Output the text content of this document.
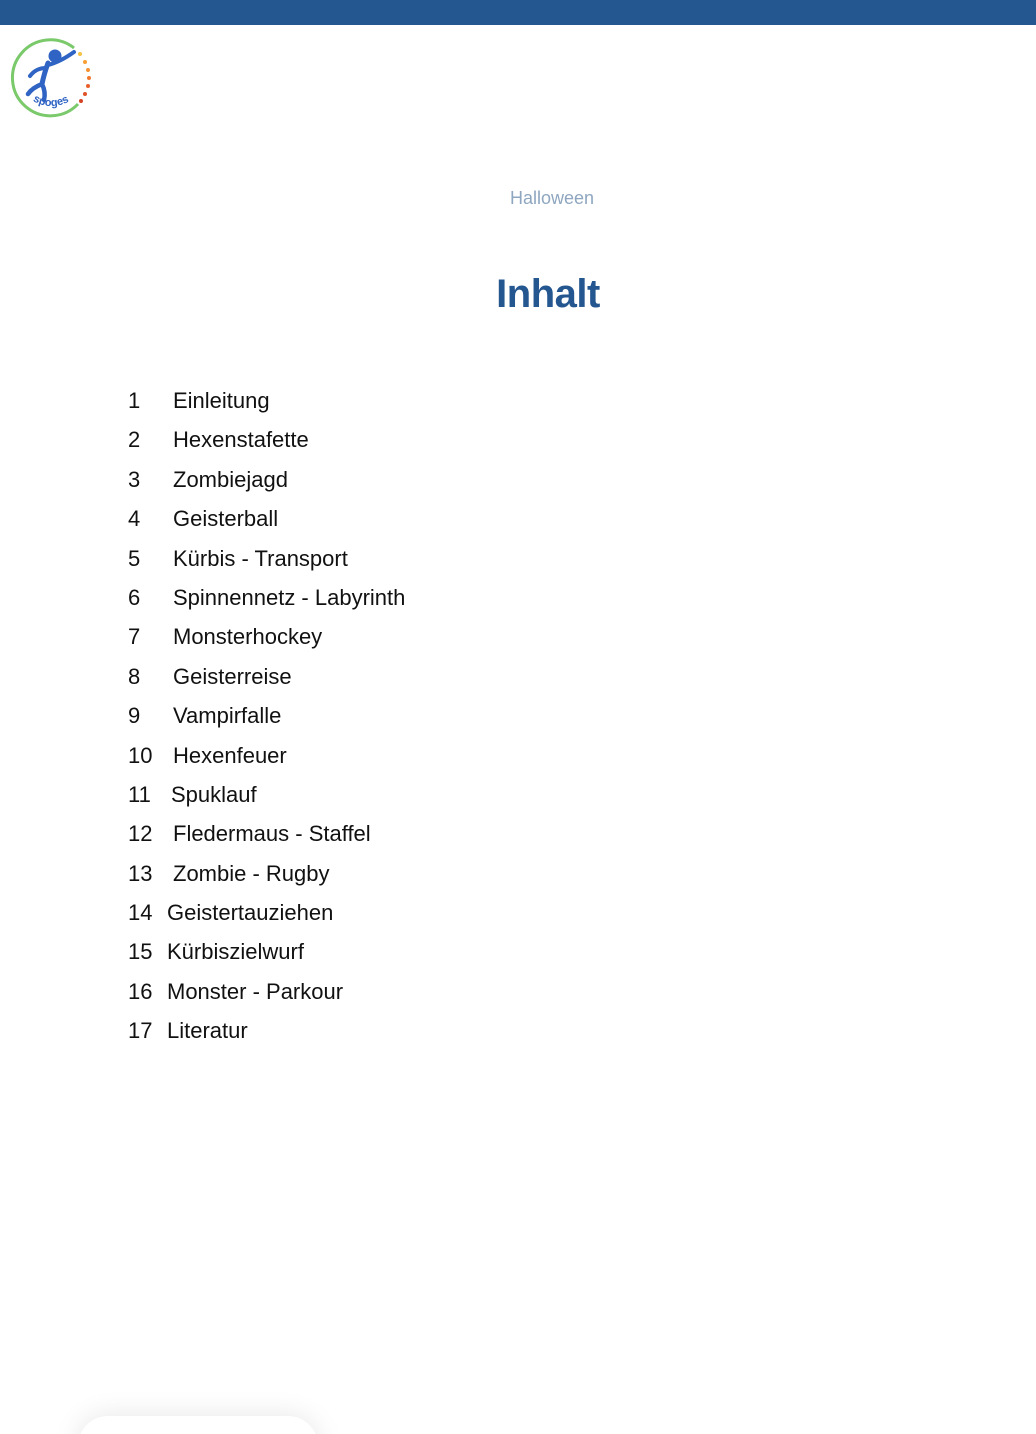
spoges
Halloween
Inhalt
1	Einleitung
2	Hexenstafette
3	Zombiejagd
4	Geisterball
5	Kürbis - Transport
6	Spinnennetz - Labyrinth
7	Monsterhockey
8	Geisterreise
9	Vampirfalle
10 Hexenfeuer
11 Spuklauf
12 Fledermaus - Staffel
13 Zombie - Rugby
14 Geistertauziehen
15 Kürbiszielwurf
16 Monster - Parkour
17 Literatur
